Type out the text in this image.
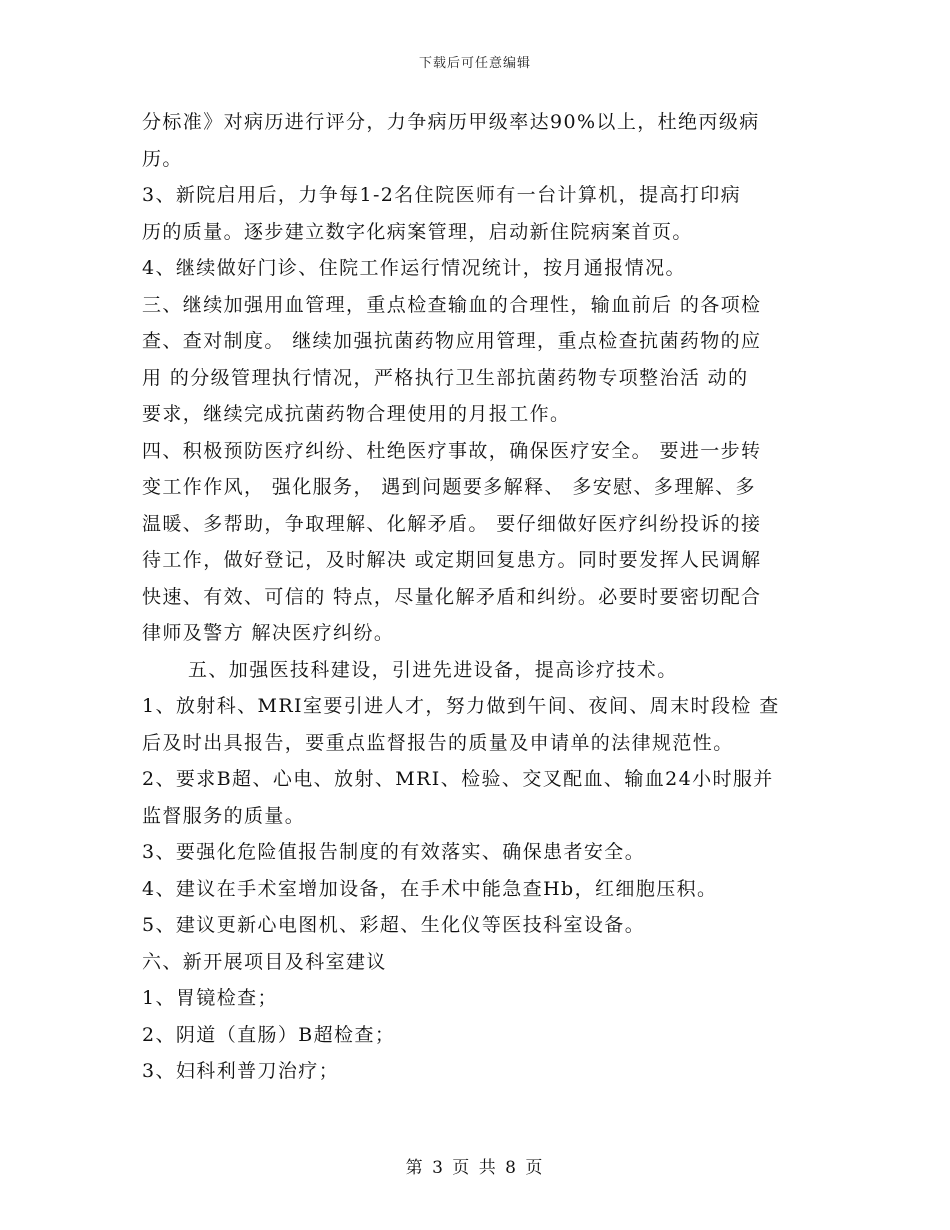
下载后可任意编辑
分标准》对病历进行评分，力争病历甲级率达90%以上，杜绝丙级病
历。
3、新院启用后，力争每1-2名住院医师有一台计算机，提高打印病
历的质量。逐步建立数字化病案管理，启动新住院病案首页。
4、继续做好门诊、住院工作运行情况统计，按月通报情况。
三、继续加强用血管理，重点检查输血的合理性，输血前后 的各项检
查、查对制度。 继续加强抗菌药物应用管理，重点检查抗菌药物的应
用 的分级管理执行情况，严格执行卫生部抗菌药物专项整治活 动的
要求，继续完成抗菌药物合理使用的月报工作。
四、积极预防医疗纠纷、杜绝医疗事故，确保医疗安全。 要进一步转
变工作作风， 强化服务， 遇到问题要多解释、 多安慰、多理解、多
温暖、多帮助，争取理解、化解矛盾。 要仔细做好医疗纠纷投诉的接
待工作，做好登记，及时解决 或定期回复患方。同时要发挥人民调解
快速、有效、可信的 特点，尽量化解矛盾和纠纷。必要时要密切配合
律师及警方 解决医疗纠纷。
五、加强医技科建设，引进先进设备，提高诊疗技术。
1、放射科、MRI室要引进人才，努力做到午间、夜间、周末时段检 查
后及时出具报告，要重点监督报告的质量及申请单的法律规范性。
2、要求B超、心电、放射、MRI、检验、交叉配血、输血24小时服并
监督服务的质量。
3、要强化危险值报告制度的有效落实、确保患者安全。
4、建议在手术室增加设备，在手术中能急查Hb，红细胞压积。
5、建议更新心电图机、彩超、生化仪等医技科室设备。
六、新开展项目及科室建议
1、胃镜检查；
2、阴道（直肠）B超检查；
3、妇科利普刀治疗；
第 3 页 共 8 页
